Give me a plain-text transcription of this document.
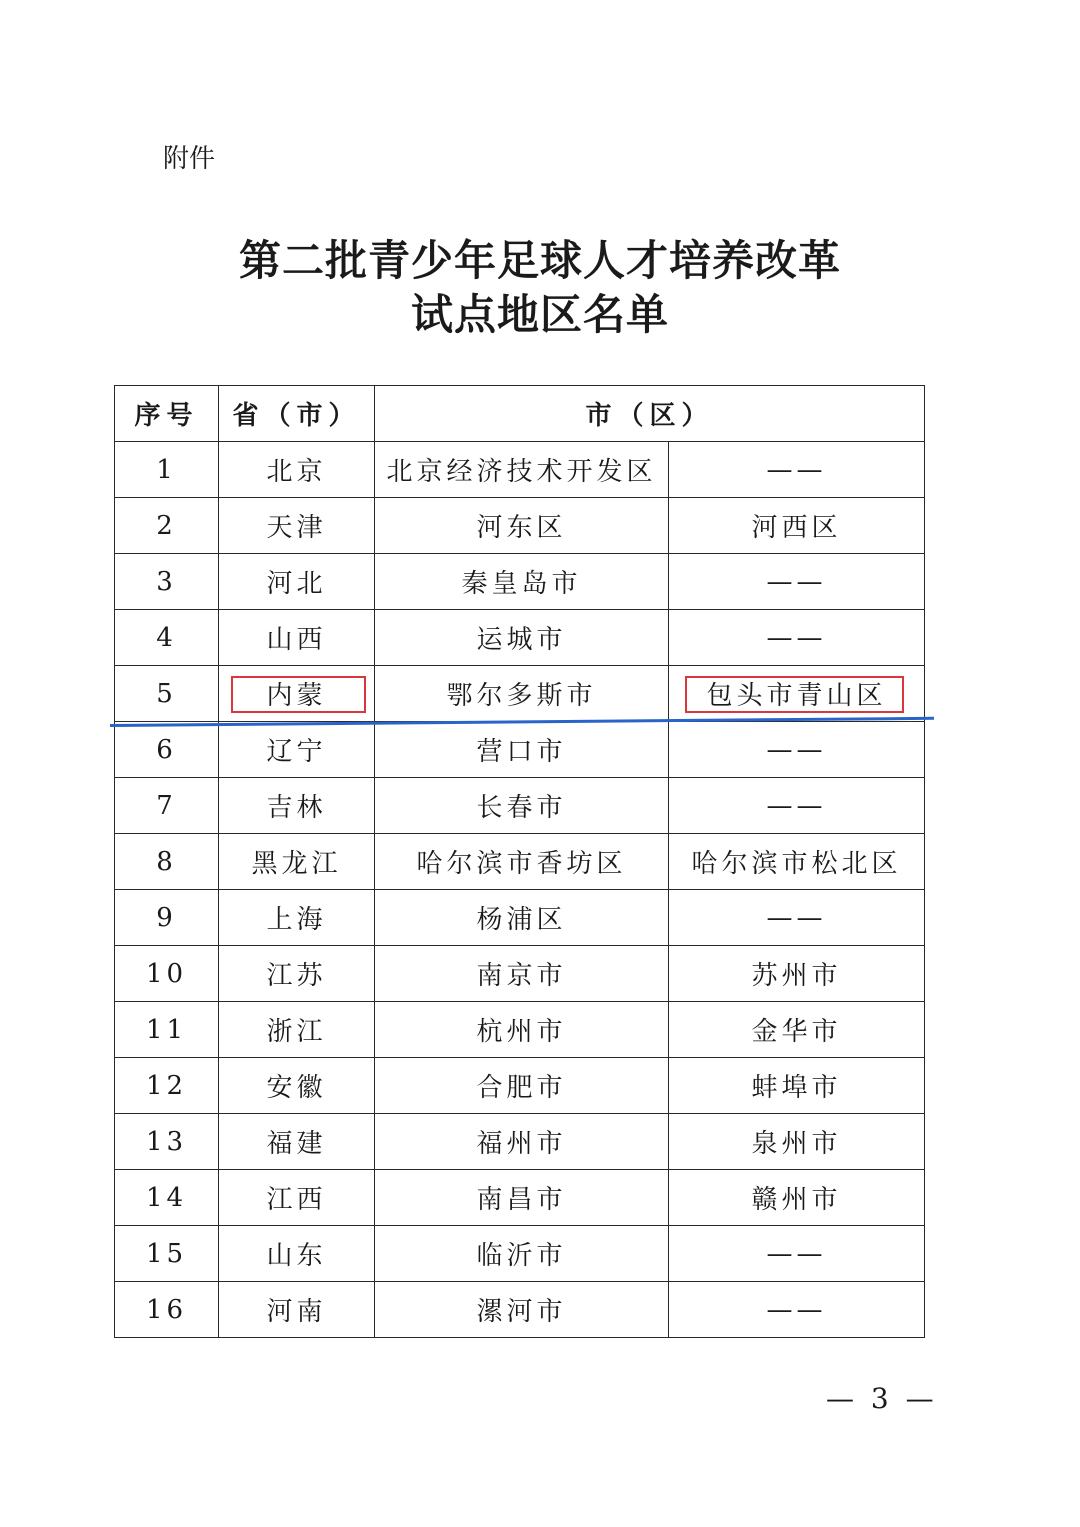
附件
第二批青少年足球人才培养改革
试点地区名单
序号	省（市）	市（区）	
1	北京	北京经济技术开发区	——
2	天津	河东区	河西区
3	河北	秦皇岛市	——
4	山西	运城市	——
5	内蒙	鄂尔多斯市	包头市青山区

6	辽宁	营口市	——
7	吉林	长春市	——
8	黑龙江	哈尔滨市香坊区	哈尔滨市松北区
9	上海	杨浦区	——
10	江苏	南京市	苏州市
11	浙江	杭州市	金华市
12	安徽	合肥市	蚌埠市
13	福建	福州市	泉州市
14	江西	南昌市	赣州市
15	山东	临沂市	——
16	河南	漯河市	——
— 3 —
